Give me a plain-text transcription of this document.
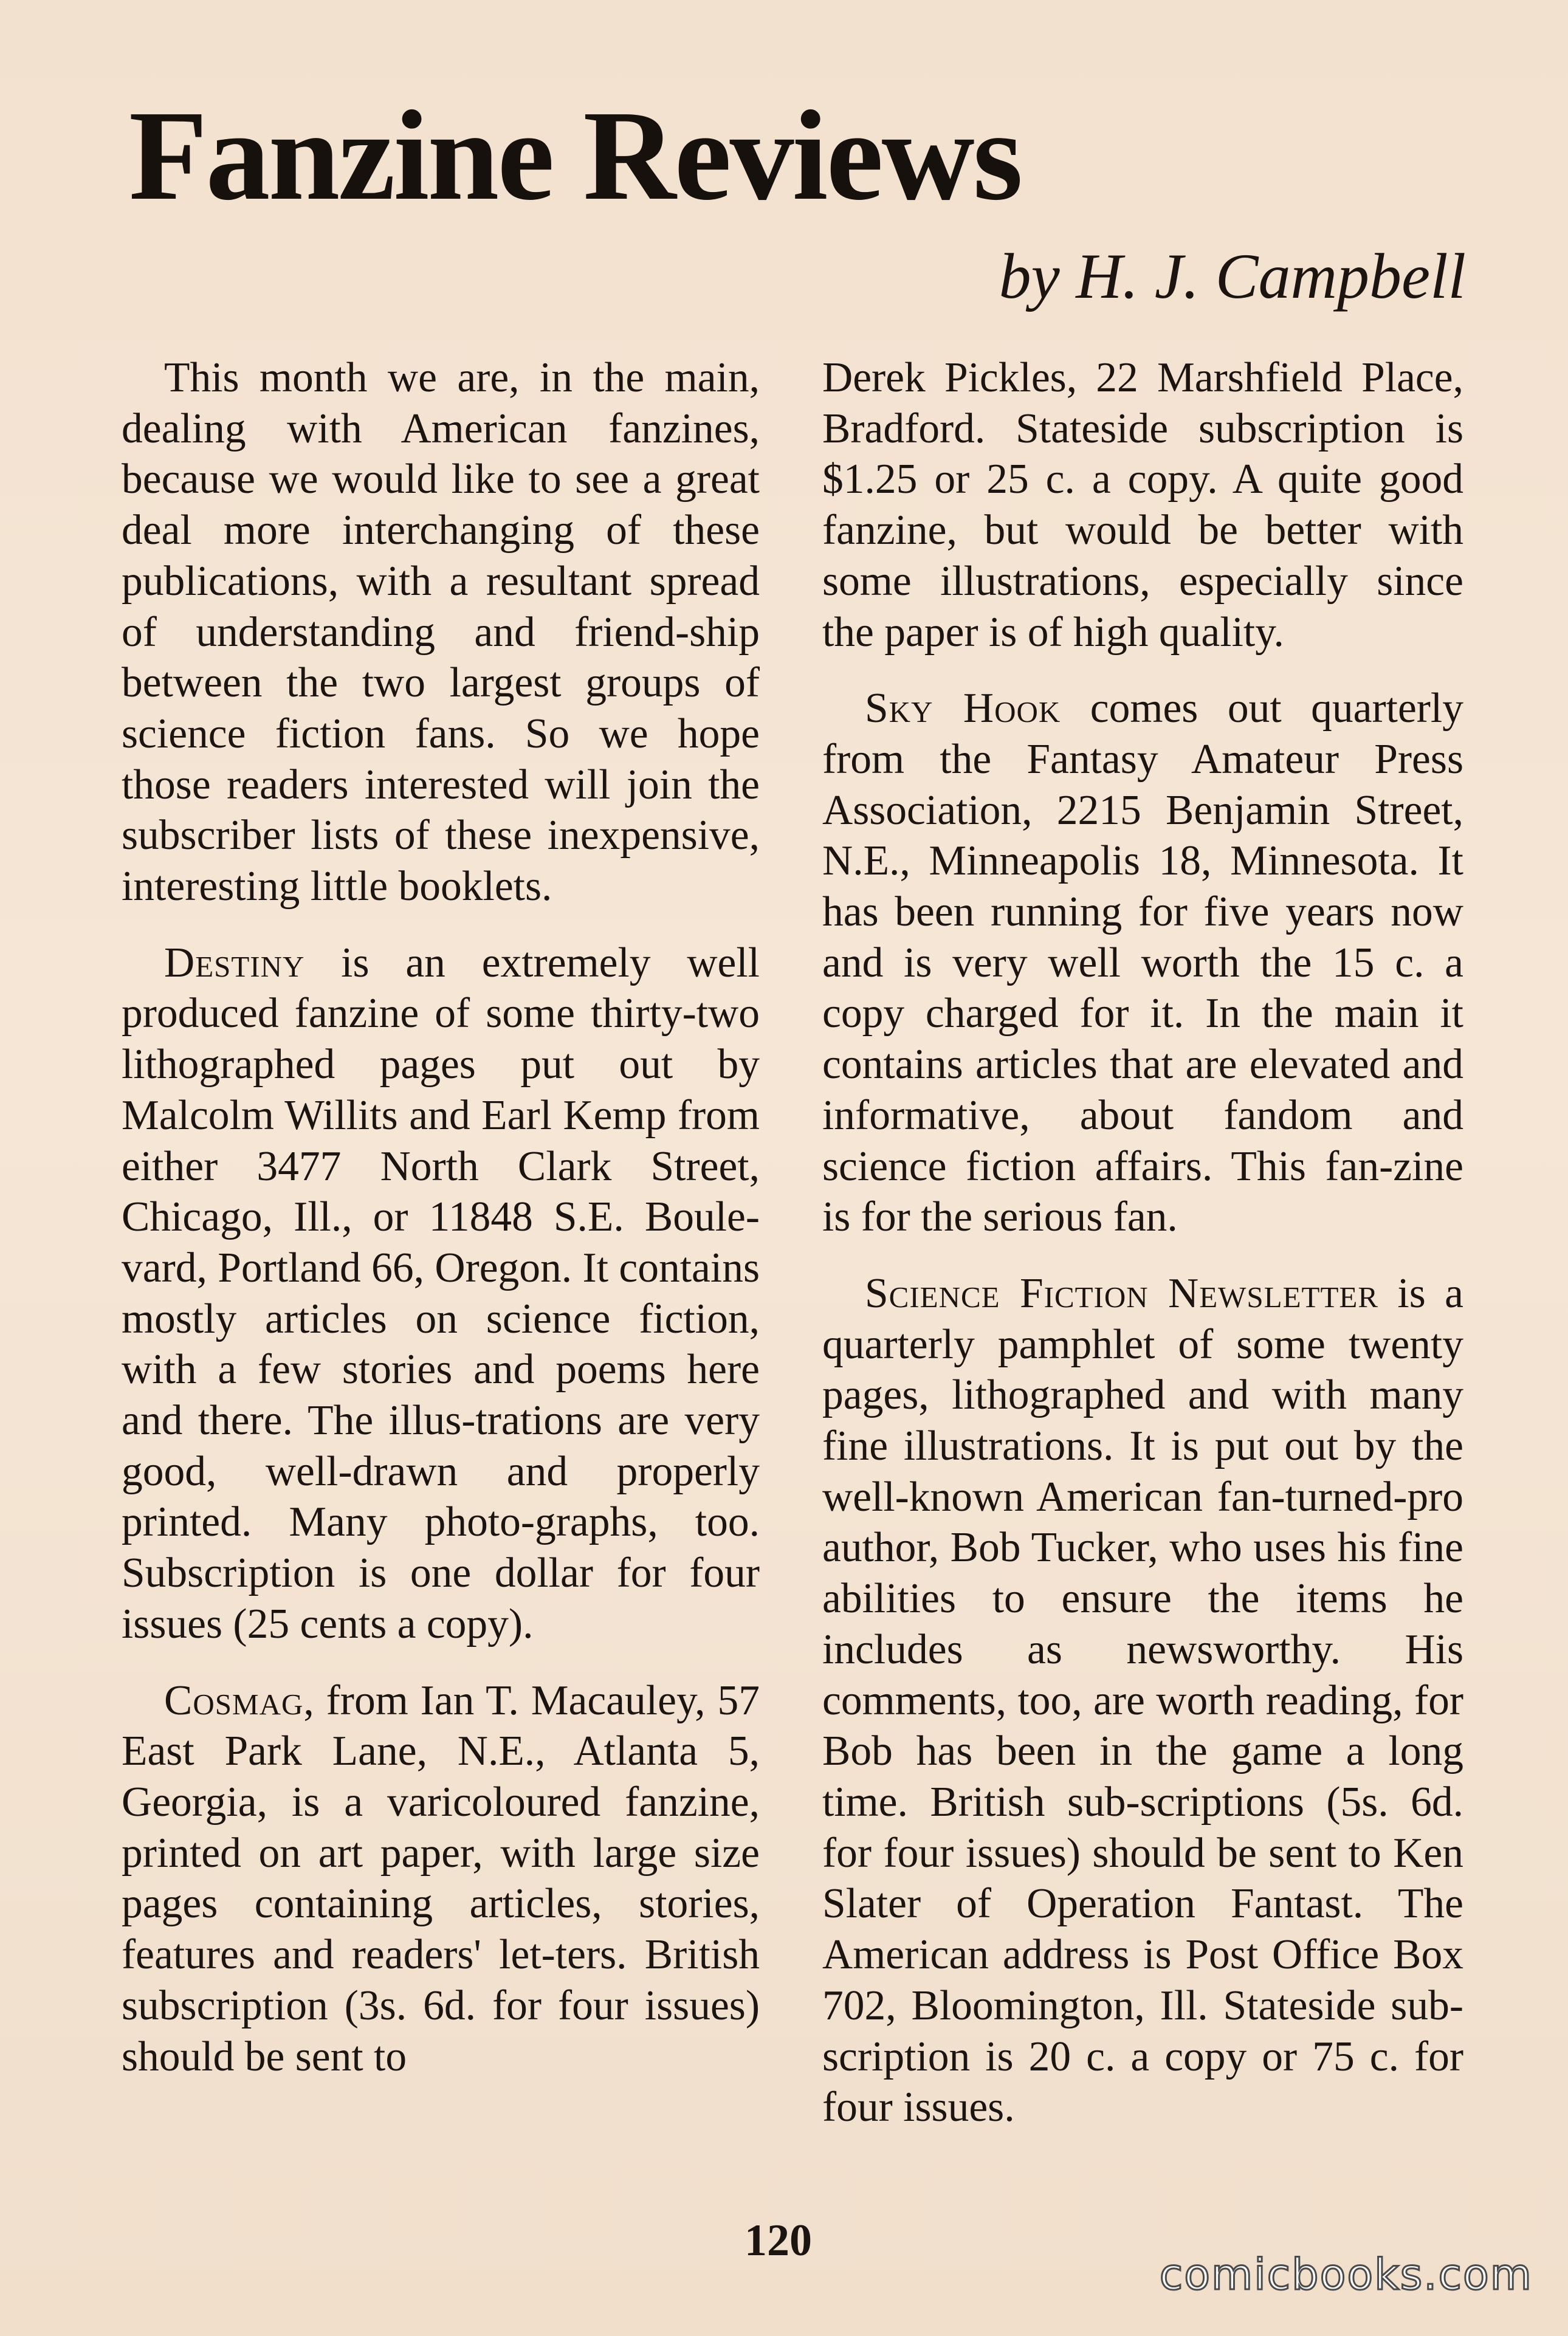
Fanzine Reviews
by H. J. Campbell

This month we are, in the main, dealing with American fanzines, because we would like to see a great deal more interchanging of these publications, with a resultant spread of understanding and friend-ship between the two largest groups of science fiction fans. So we hope those readers interested will join the subscriber lists of these inexpensive, interesting little booklets.

Destiny is an extremely well produced fanzine of some thirty-two lithographed pages put out by Malcolm Willits and Earl Kemp from either 3477 North Clark Street, Chicago, Ill., or 11848 S.E. Boule-vard, Portland 66, Oregon. It contains mostly articles on science fiction, with a few stories and poems here and there. The illus-trations are very good, well-drawn and properly printed. Many photo-graphs, too. Subscription is one dollar for four issues (25 cents a copy).

Cosmag, from Ian T. Macauley, 57 East Park Lane, N.E., Atlanta 5, Georgia, is a varicoloured fanzine, printed on art paper, with large size pages containing articles, stories, features and readers' let-ters. British subscription (3s. 6d. for four issues) should be sent to

Derek Pickles, 22 Marshfield Place, Bradford. Stateside subscription is $1.25 or 25 c. a copy. A quite good fanzine, but would be better with some illustrations, especially since the paper is of high quality.

Sky Hook comes out quarterly from the Fantasy Amateur Press Association, 2215 Benjamin Street, N.E., Minneapolis 18, Minnesota. It has been running for five years now and is very well worth the 15 c. a copy charged for it. In the main it contains articles that are elevated and informative, about fandom and science fiction affairs. This fan-zine is for the serious fan.

Science Fiction Newsletter is a quarterly pamphlet of some twenty pages, lithographed and with many fine illustrations. It is put out by the well-known American fan-turned-pro author, Bob Tucker, who uses his fine abilities to ensure the items he includes as newsworthy. His comments, too, are worth reading, for Bob has been in the game a long time. British sub-scriptions (5s. 6d. for four issues) should be sent to Ken Slater of Operation Fantast. The American address is Post Office Box 702, Bloomington, Ill. Stateside sub-scription is 20 c. a copy or 75 c. for four issues.

120
comicbooks.com
